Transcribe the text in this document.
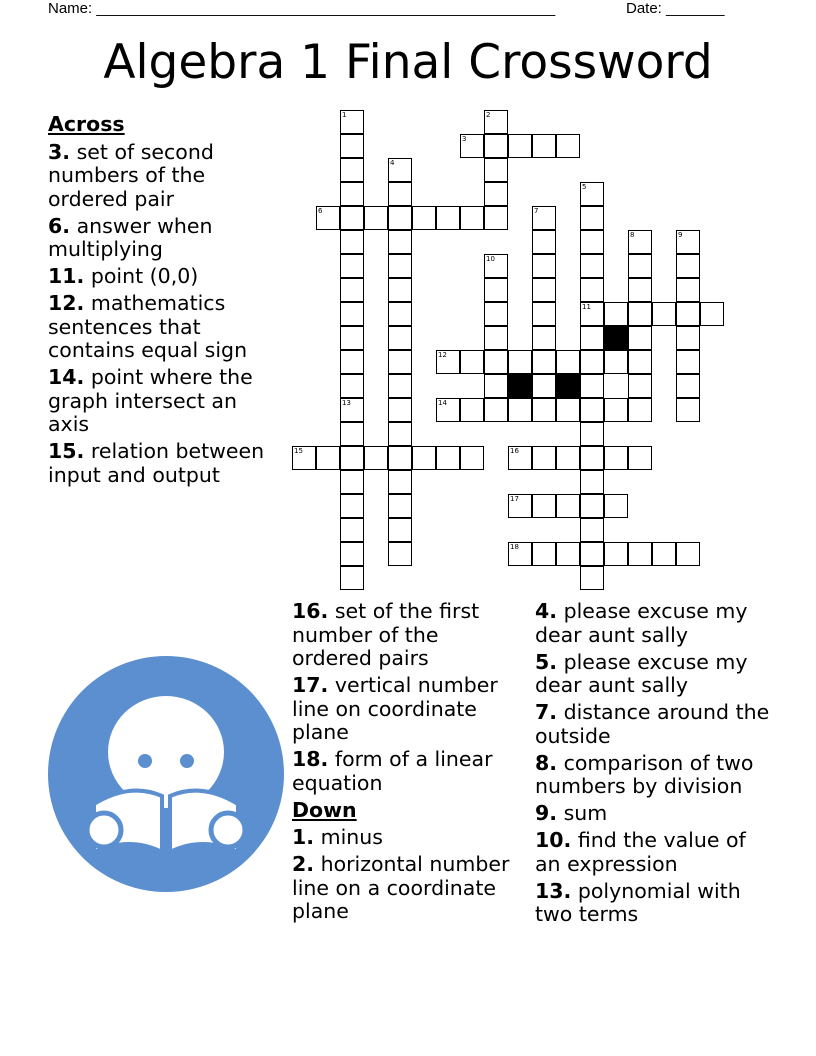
Name: _______________________________________________________	Date: _______
Algebra 1 Final Crossword
Across
3. set of second numbers of the ordered pair
6. answer when multiplying
11. point (0,0)
12. mathematics sentences that contains equal sign
14. point where the graph intersect an axis
15. relation between input and output
16. set of the first number of the ordered pairs
17. vertical number line on coordinate plane
18. form of a linear equation
Down
1. minus
2. horizontal number line on a coordinate plane
4. please excuse my dear aunt sally
5. please excuse my dear aunt sally
7. distance around the outside
8. comparison of two numbers by division
9. sum
10. find the value of an expression
13. polynomial with two terms
1	2
3
4
5
6	7
8	9
10
11
12
13	14
15	16
17
18
